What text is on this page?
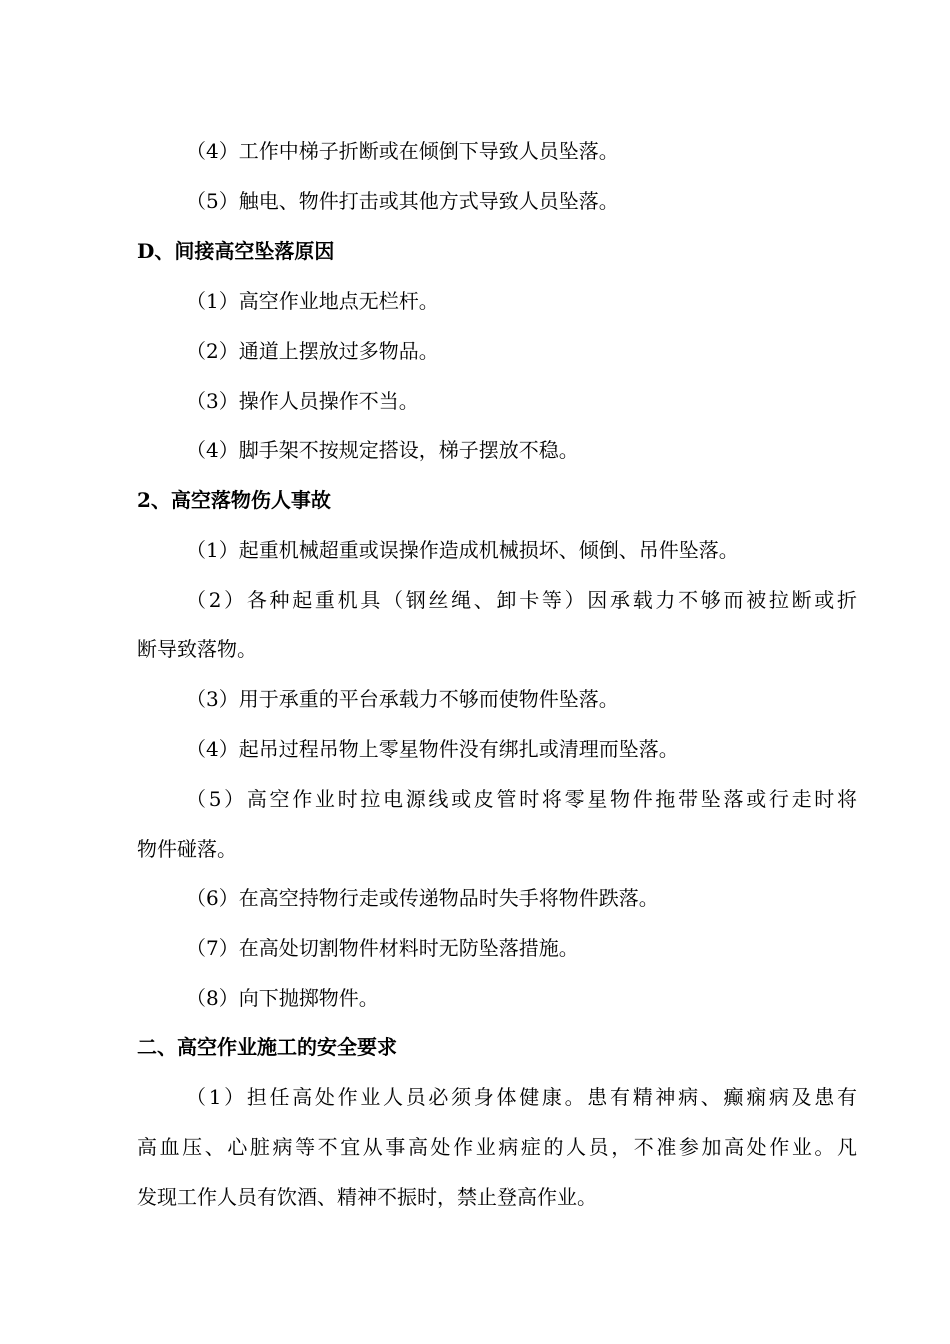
（4）工作中梯子折断或在倾倒下导致人员坠落。
（5）触电、物件打击或其他方式导致人员坠落。
D、间接高空坠落原因
（1）高空作业地点无栏杆。
（2）通道上摆放过多物品。
（3）操作人员操作不当。
（4）脚手架不按规定搭设，梯子摆放不稳。
2、高空落物伤人事故
（1）起重机械超重或误操作造成机械损坏、倾倒、吊件坠落。
（2）各种起重机具（钢丝绳、卸卡等）因承载力不够而被拉断或折
断导致落物。
（3）用于承重的平台承载力不够而使物件坠落。
（4）起吊过程吊物上零星物件没有绑扎或清理而坠落。
（5）高空作业时拉电源线或皮管时将零星物件拖带坠落或行走时将
物件碰落。
（6）在高空持物行走或传递物品时失手将物件跌落。
（7）在高处切割物件材料时无防坠落措施。
（8）向下抛掷物件。
二、高空作业施工的安全要求
（1）担任高处作业人员必须身体健康。患有精神病、癫痫病及患有
高血压、心脏病等不宜从事高处作业病症的人员，不准参加高处作业。凡
发现工作人员有饮酒、精神不振时，禁止登高作业。
